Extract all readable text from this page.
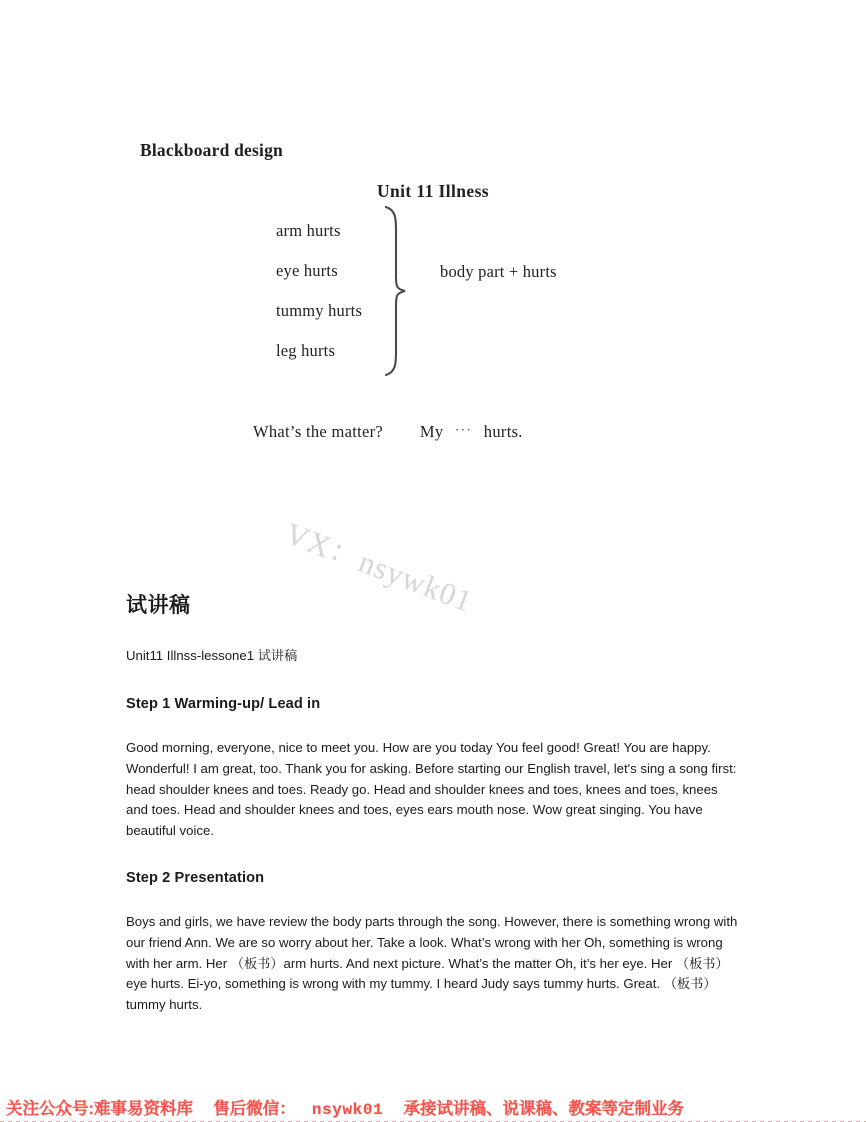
Blackboard design
Unit 11 Illness
arm hurts
eye hurts
tummy hurts
leg hurts
body part + hurts
What’s the matter? My ··· hurts.
VX：nsywk01
试讲稿

Unit11 Illnss-lessone1 试讲稿

Step 1 Warming-up/ Lead in

Good morning, everyone, nice to meet you. How are you today You feel good! Great! You are happy. Wonderful! I am great, too. Thank you for asking. Before starting our English travel, let's sing a song first: head shoulder knees and toes. Ready go. Head and shoulder knees and toes, knees and toes, knees and toes. Head and shoulder knees and toes, eyes ears mouth nose. Wow great singing. You have beautiful voice.

Step 2 Presentation

Boys and girls, we have review the body parts through the song. However, there is something wrong with our friend Ann. We are so worry about her. Take a look. What’s wrong with her Oh, something is wrong with her arm. Her （板书）arm hurts. And next picture. What’s the matter Oh, it’s her eye. Her （板书）eye hurts. Ei-yo, something is wrong with my tummy. I heard Judy says tummy hurts. Great. （板书）tummy hurts.

关注公众号:难事易资料库 售后微信： nsywk01 承接试讲稿、说课稿、教案等定制业务
